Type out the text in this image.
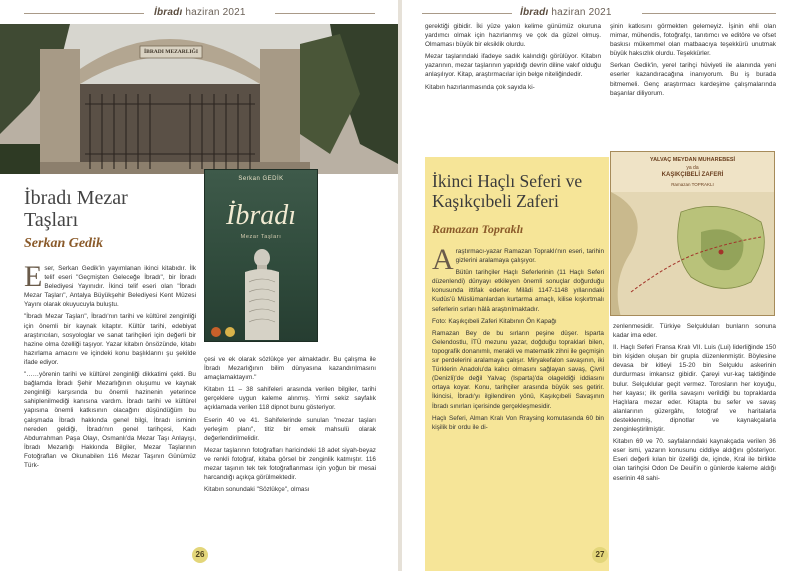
İbradı haziran 2021
İBRADI MEZARLIĞI
İbradı Mezar
Taşları
Serkan Gedik
Serkan GEDİK
İbradı
Mezar Taşları

Eser, Serkan Gedik'in yayımlanan ikinci kitabıdır. İlk telif eseri "Geçmişten Geleceğe İbradı", bir İbradı Belediyesi Yayınıdır. İkinci telif eseri olan "İbradı Mezar Taşları", Antalya Büyükşehir Belediyesi Kent Müzesi Yayını olarak okuyucuyla buluştu.

"İbradı Mezar Taşları", İbradı'nın tarihi ve kültürel zenginliği için önemli bir kaynak kitaptır. Kültür tarihi, edebiyat araştırıcıları, sosyologlar ve sanat tarihçileri için değerli bir hazine olma özelliği taşıyor. Yazar kitabın önsözünde, kitabı hazırlama amacını ve içindeki konu başlıklarını şu şekilde ifade ediyor.

"……yörenin tarihi ve kültürel zenginliği dikkatimi çekti. Bu bağlamda İbradı Şehir Mezarlığının oluşumu ve kaynak zenginliği karşısında bu önemli hazinenin yeterince sahiplenilmediği kanısına vardım. İbradı tarihi ve kültürel yapısına önemli katkısının olacağını düşündüğüm bu çalışmada İbradı hakkında genel bilgi, İbradı isminin nereden geldiği, İbradı'nın genel tarihçesi, Kadı Abdurrahman Paşa Olayı, Osmanlı'da Mezar Taşı Anlayışı, İbradı Mezarlığı Hakkında Bilgiler, Mezar Taşlarının Fotoğrafları ve Okunabilen 116 Mezar Taşının Günümüz Türk-

çesi ve ek olarak sözlükçe yer almaktadır. Bu çalışma ile İbradı Mezarlığının bilim dünyasına kazandırılmasını amaçlamaktayım."

Kitabın 11 – 38 sahifeleri arasında verilen bilgiler, tarihi gerçeklere uygun kaleme alınmış. Yirmi sekiz sayfalık açıklamada verilen 118 dipnot bunu gösteriyor.

Eserin 40 ve 41. Sahifelerinde sunulan "mezar taşları yerleşim planı", titiz bir emek mahsulü olarak değerlendirilmelidir.

Mezar taşlarının fotoğrafları haricindeki 18 adet siyah-beyaz ve renkli fotoğraf, kitaba görsel bir zenginlik katmıştır. 116 mezar taşının tek tek fotoğraflanması için yoğun bir mesai harcandığı açıkça görülmektedir.

Kitabın sonundaki "Sözlükçe", olması

26
İbradı haziran 2021

gerektiği gibidir. İki yüze yakın kelime günümüz okuruna yardımcı olmak için hazırlanmış ve çok da güzel olmuş. Olmaması büyük bir eksiklik olurdu.

Mezar taşlarındaki ifadeye sadık kalındığı görülüyor. Kitabın yazarının, mezar taşlarının yapıldığı devrin diline vakıf olduğu anlaşılıyor. Kitap, araştırmacılar için belge niteliğindedir.

Kitabın hazırlanmasında çok sayıda ki-

şinin katkısını görmekten gelemeyiz. İşinin ehli olan mimar, mühendis, fotoğrafçı, tanıtımcı ve editöre ve ofset baskısı mükemmel olan matbaacıya teşekkürü unutmak büyük haksızlık olurdu. Teşekkürler.

Serkan Gedik'in, yerel tarihçi hüviyeti ile alanında yeni eserler kazandıracağına inanıyorum. Bu iş burada bitmemeli. Genç araştırmacı kardeşime çalışmalarında başarılar diliyorum.

İkinci Haçlı Seferi ve
Kaşıkçıbeli Zaferi
Ramazan Topraklı
YALVAÇ MEYDAN MUHAREBESİ
ya da
KAŞIKÇIBELİ ZAFERİ
Ramazan TOPRAKLI

Araştırmacı-yazar Ramazan Topraklı'nın eseri, tarihin gizlerini aralamaya çalışıyor.

Bütün tarihçiler Haçlı Seferlerinin (11 Haçlı Seferi düzenlendi) dünyayı etkileyen önemli sonuçlar doğurduğu konusunda ittifak ederler. Milâdi 1147-1148 yıllarındaki Kudüs'ü Müslümanlardan kurtarma amaçlı, kilise kışkırtmalı seferlerin sırları hâlâ araştırılmaktadır.

Foto: Kaşıkçıbeli Zaferi Kitabının Ön Kapağı

Ramazan Bey de bu sırların peşine düşer. Isparta Gelendostlu, İTÜ mezunu yazar, doğduğu topraklari bilen, topografik donanımlı, merakli ve matematik zihni ile geçmişin sır perdelerini aralamaya çalışır. Miryakefalon savaşının, iki Türklerin Anadolu'da kalıcı olmasını sağlayan savaş, Çivril (Denizli)'de değil Yalvaç (Isparta)'da olageldiği iddiasını ortaya koyar. Konu, tarihçiler arasında büyük ses getirir. İkincisi, İbradı'yı ilgilendiren yönü, Kaşıkçıbeli Savaşının İbradı sınırları içerisinde gerçekleşmesidir.

Haçlı Seferi, Alman Kralı Von Rraysing komutasında 60 bin kişilik bir ordu ile di-

zenlenmesidir. Türkiye Selçukluları bunların sonuna kadar ima eder.

II. Haçlı Seferi Fransa Kralı VII. Luis (Lui) liderliğinde 150 bin kişiden oluşan bir grupla düzenlenmiştir. Böylesine devasa bir kitleyi 15-20 bin Selçuklu askerinin durdurması imkansız gibidir. Çareyi vur-kaç taktiğinde bulur. Selçuklular geçit vermez. Torosların her koyuğu, her kayası; ilk gerilla savaşını verildiği bu topraklarda Haçlılara mezar eder. Kitapta bu sefer ve savaş alanlarının güzergâhı, fotoğraf ve haritalarla desteklenmiş, dipnotlar ve kaynakçalarla zenginleştirilmiştir.

Kitabın 69 ve 70. sayfalarındaki kaynakçada verilen 36 eser ismi, yazarın konusunu ciddiye aldığını gösteriyor. Eseri değerli kılan bir özelliği de, içinde, Kral ile birlikte olan tarihçisi Odon De Deuil'in o günlerde kaleme aldığı eserinin 48 sahi-

27
